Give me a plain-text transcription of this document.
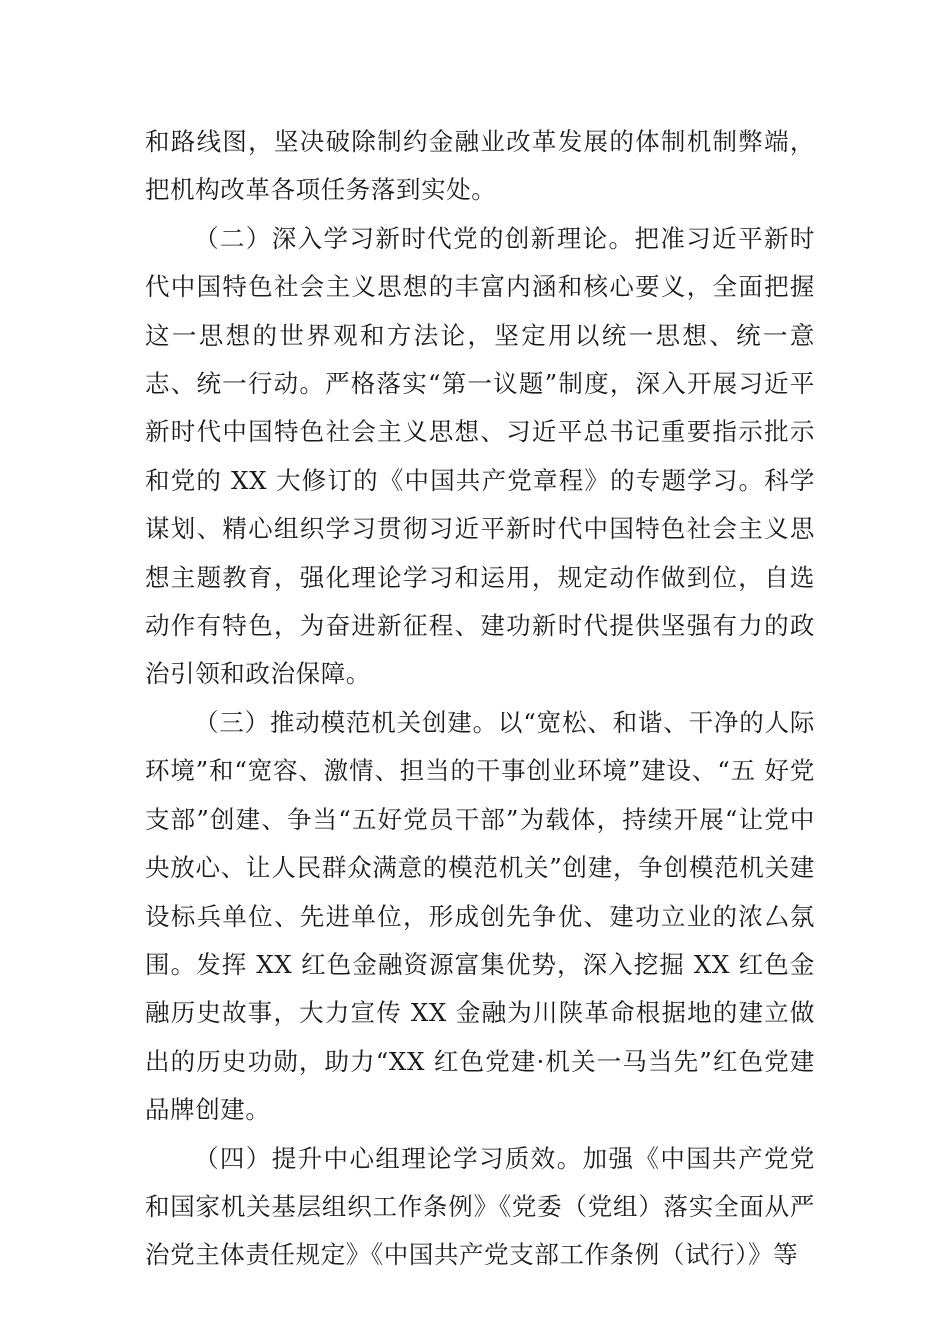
和路线图，坚决破除制约金融业改革发展的体制机制弊端， 把机构改革各项任务落到实处。

（二）深入学习新时代党的创新理论。把准习近平新时代中国特色社会主义思想的丰富内涵和核心要义，全面把握这一思想的世界观和方法论，坚定用以统一思想、统一意志、统一行动。严格落实“第一议题”制度，深入开展习近平新时代中国特色社会主义思想、习近平总书记重要指示批示和党的 XX 大修订的《中国共产党章程》的专题学习。科学谋划、精心组织学习贯彻习近平新时代中国特色社会主义思想主题教育，强化理论学习和运用，规定动作做到位，自选动作有特色，为奋进新征程、建功新时代提供坚强有力的政治引领和政治保障。

（三）推动模范机关创建。以“宽松、和谐、干净的人际环境”和“宽容、激情、担当的干事创业环境”建设、“五 好党支部”创建、争当“五好党员干部”为载体，持续开展“让党中央放心、让人民群众满意的模范机关”创建，争创模范机关建设标兵单位、先进单位，形成创先争优、建功立业的浓厶氛围。发挥 XX 红色金融资源富集优势，深入挖掘 XX 红色金融历史故事，大力宣传 XX 金融为川陕革命根据地的建立做出的历史功勋，助力“XX 红色党建·机关一马当先”红色党建品牌创建。

（四）提升中心组理论学习质效。加强《中国共产党党和国家机关基层组织工作条例》《党委（党组）落实全面从严治党主体责任规定》《中国共产党支部工作条例（试行）》等
